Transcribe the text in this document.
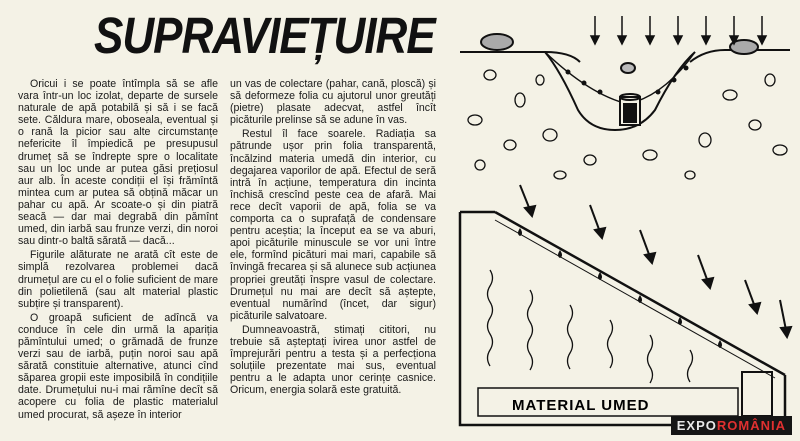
SUPRAVIEȚUIRE

Oricui i se poate întîmpla să se afle vara într-un loc izolat, departe de sursele naturale de apă potabilă și să i se facă sete. Căldura mare, oboseala, eventual și o rană la picior sau alte circumstanțe nefericite îl împiedică pe presupusul drumeț să se îndrepte spre o localitate sau un loc unde ar putea găsi prețiosul aur alb. În aceste condiții el își frămîntă mintea cum ar putea să obțină măcar un pahar cu apă. Ar scoate-o și din piatră seacă — dar mai degrabă din pămînt umed, din iarbă sau frunze verzi, din noroi sau dintr-o baltă sărată — dacă...

Figurile alăturate ne arată cît este de simplă rezolvarea problemei dacă drumețul are cu el o folie suficient de mare din polietilenă (sau alt material plastic subțire și transparent).

O groapă suficient de adîncă va conduce în cele din urmă la apariția pămîntului umed; o grămadă de frunze verzi sau de iarbă, puțin noroi sau apă sărată constituie alternative, atunci cînd săparea gropii este imposibilă în condițiile date. Drumețului nu-i mai rămîne decît să acopere cu folia de plastic materialul umed procurat, să așeze în interior

un vas de colectare (pahar, cană, ploscă) și să deformeze folia cu ajutorul unor greutăți (pietre) plasate adecvat, astfel încît picăturile prelinse să se adune în vas.

Restul îl face soarele. Radiația sa pătrunde ușor prin folia transparentă, încălzind materia umedă din interior, cu degajarea vaporilor de apă. Efectul de seră intră în acțiune, temperatura din incinta închisă crescînd peste cea de afară. Mai rece decît vaporii de apă, folia se va comporta ca o suprafață de condensare pentru aceștia; la început ea se va aburi, apoi picăturile minuscule se vor uni între ele, formînd picături mai mari, capabile să învingă frecarea și să alunece sub acțiunea propriei greutăți înspre vasul de colectare. Drumețul nu mai are decît să aștepte, eventual numărînd (încet, dar sigur) picăturile salvatoare.

Dumneavoastră, stimați cititori, nu trebuie să așteptați ivirea unor astfel de împrejurări pentru a testa și a perfecționa soluțiile prezentate mai sus, eventual pentru a le adapta unor cerințe casnice. Oricum, energia solară este gratuită.

MATERIAL UMED
EXPOROMÂNIA
